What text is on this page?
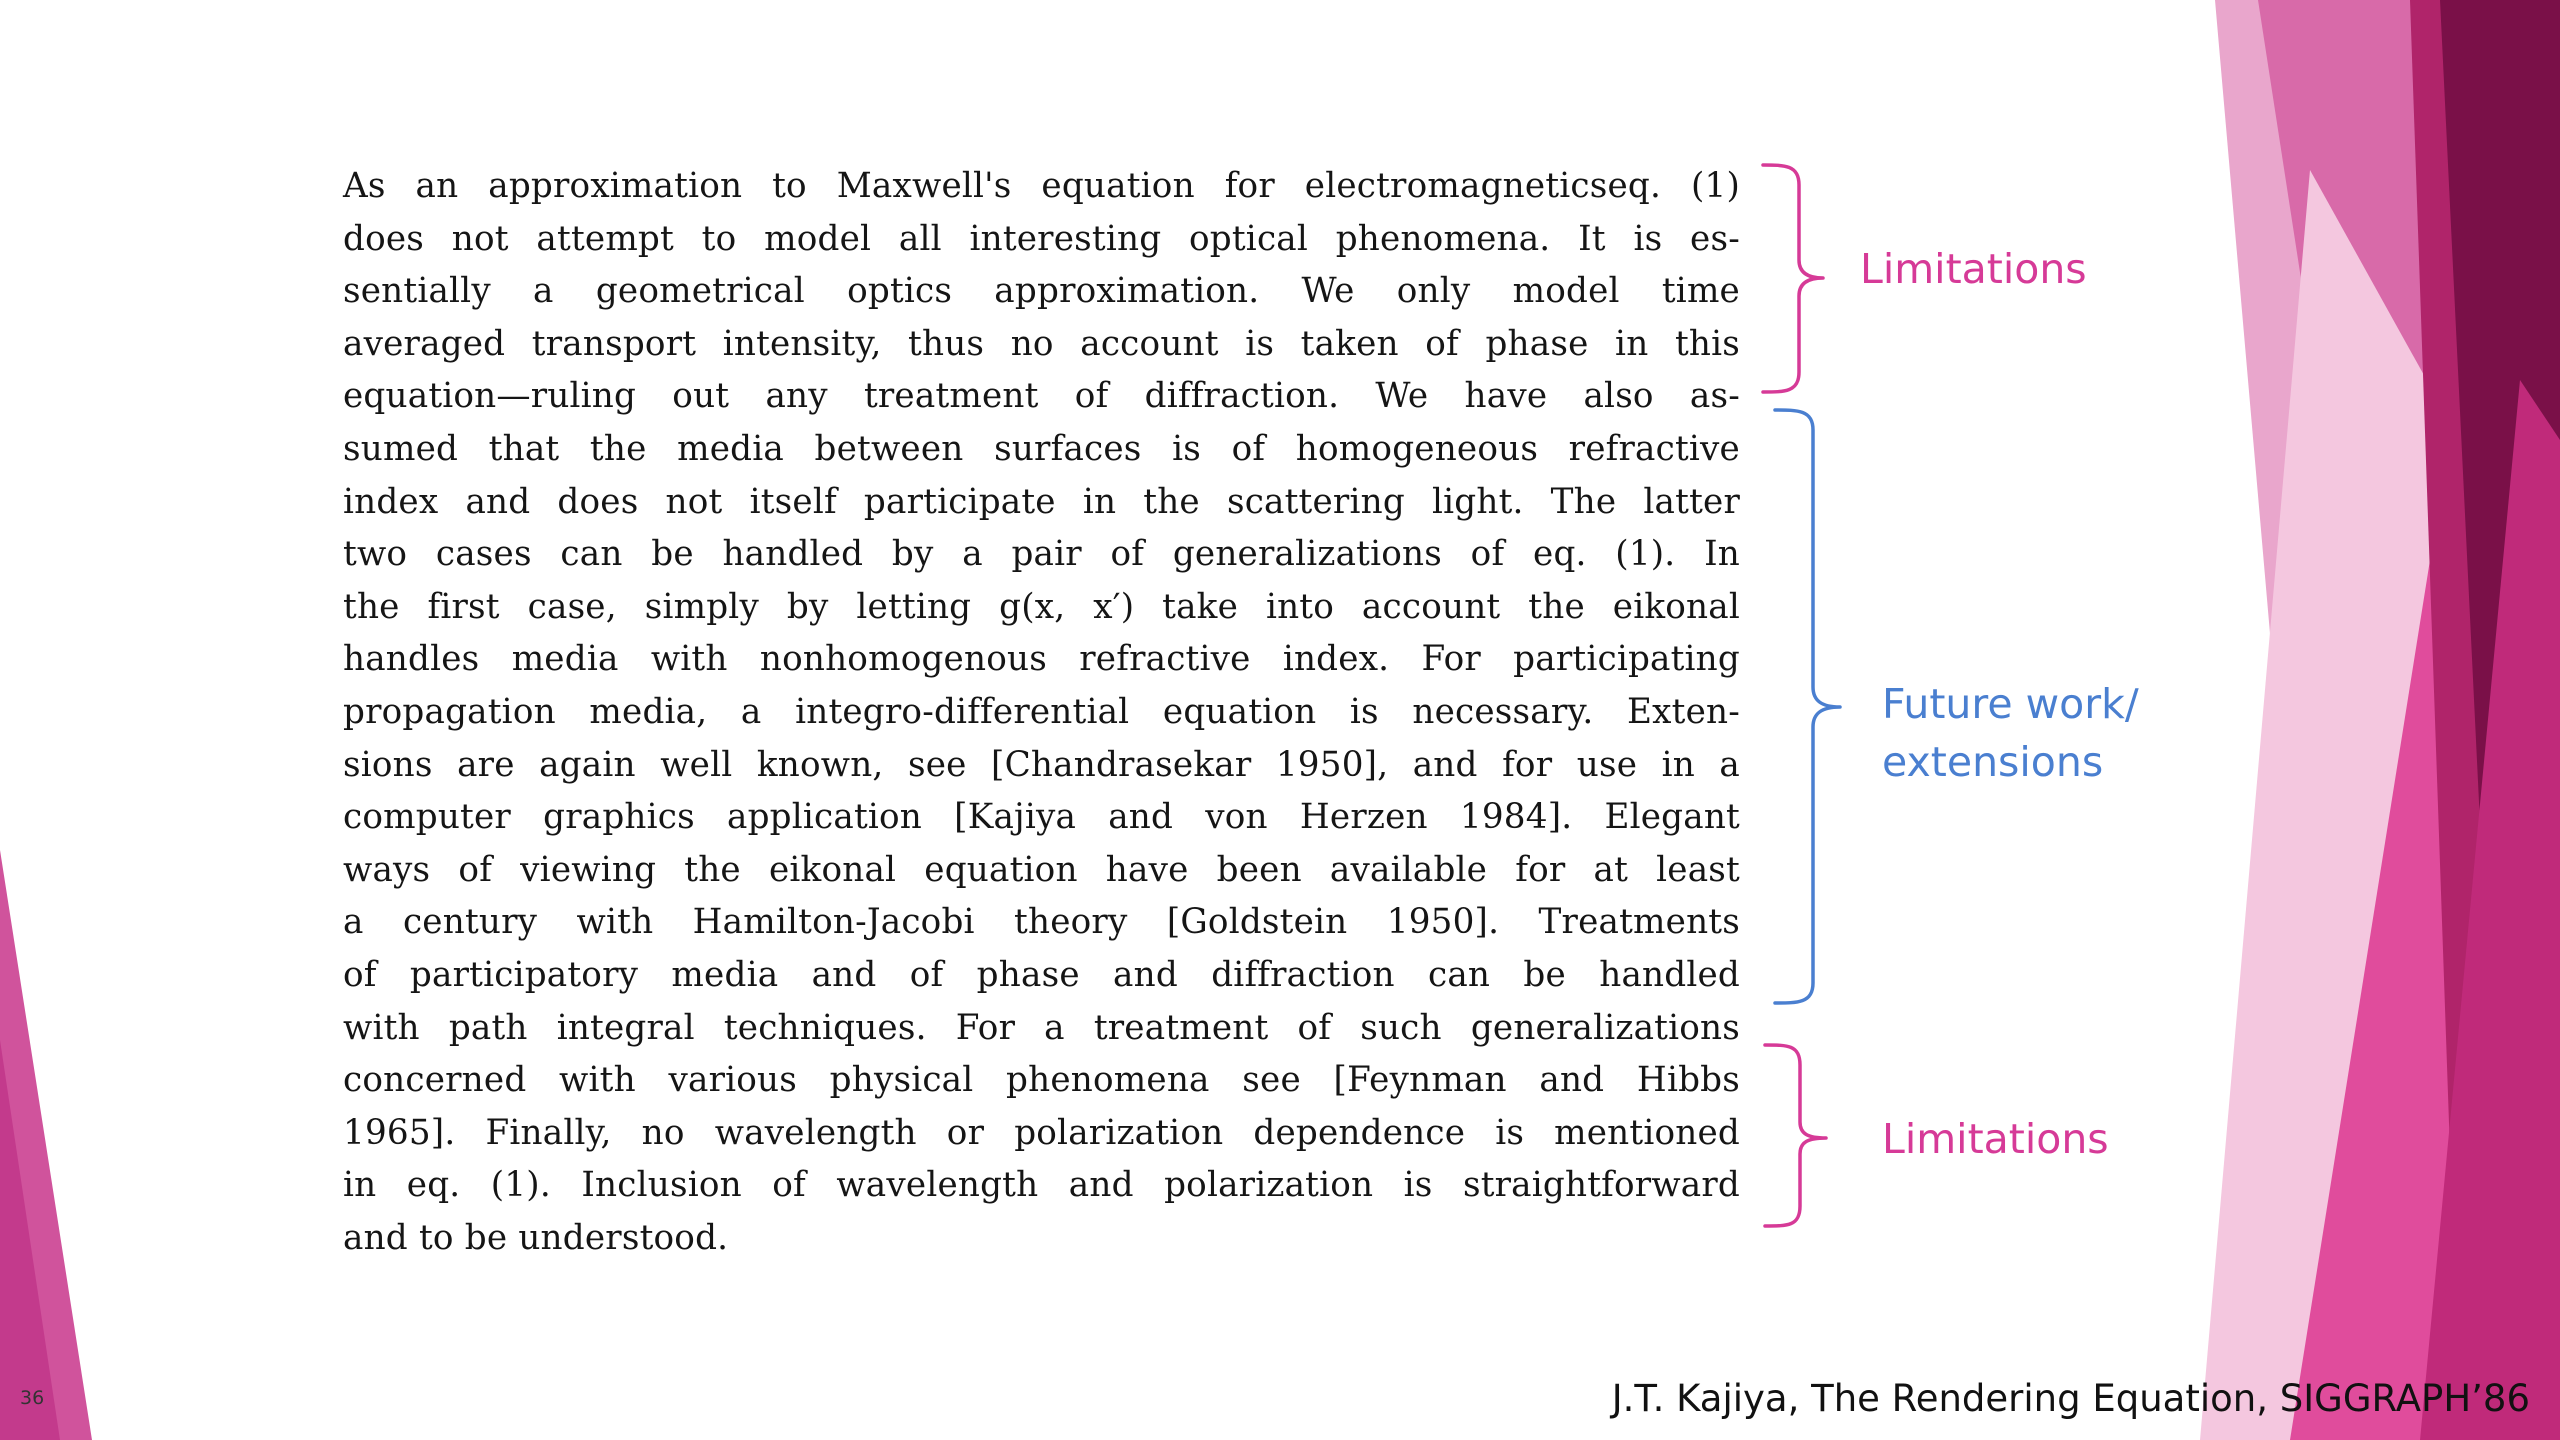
As an approximation to Maxwell's equation for electromagneticseq. (1)
does not attempt to model all interesting optical phenomena. It is es-
sentially a geometrical optics approximation. We only model time
averaged transport intensity, thus no account is taken of phase in this
equation—ruling out any treatment of diffraction. We have also as-
sumed that the media between surfaces is of homogeneous refractive
index and does not itself participate in the scattering light. The latter
two cases can be handled by a pair of generalizations of eq. (1). In
the first case, simply by letting g(x, x′) take into account the eikonal
handles media with nonhomogenous refractive index. For participating
propagation media, a integro-differential equation is necessary. Exten-
sions are again well known, see [Chandrasekar 1950], and for use in a
computer graphics application [Kajiya and von Herzen 1984]. Elegant
ways of viewing the eikonal equation have been available for at least
a century with Hamilton-Jacobi theory [Goldstein 1950]. Treatments
of participatory media and of phase and diffraction can be handled
with path integral techniques. For a treatment of such generalizations
concerned with various physical phenomena see [Feynman and Hibbs
1965]. Finally, no wavelength or polarization dependence is mentioned
in eq. (1). Inclusion of wavelength and polarization is straightforward
and to be understood.
Limitations
Future work/
extensions
Limitations
36	J.T. Kajiya, The Rendering Equation, SIGGRAPH’86
